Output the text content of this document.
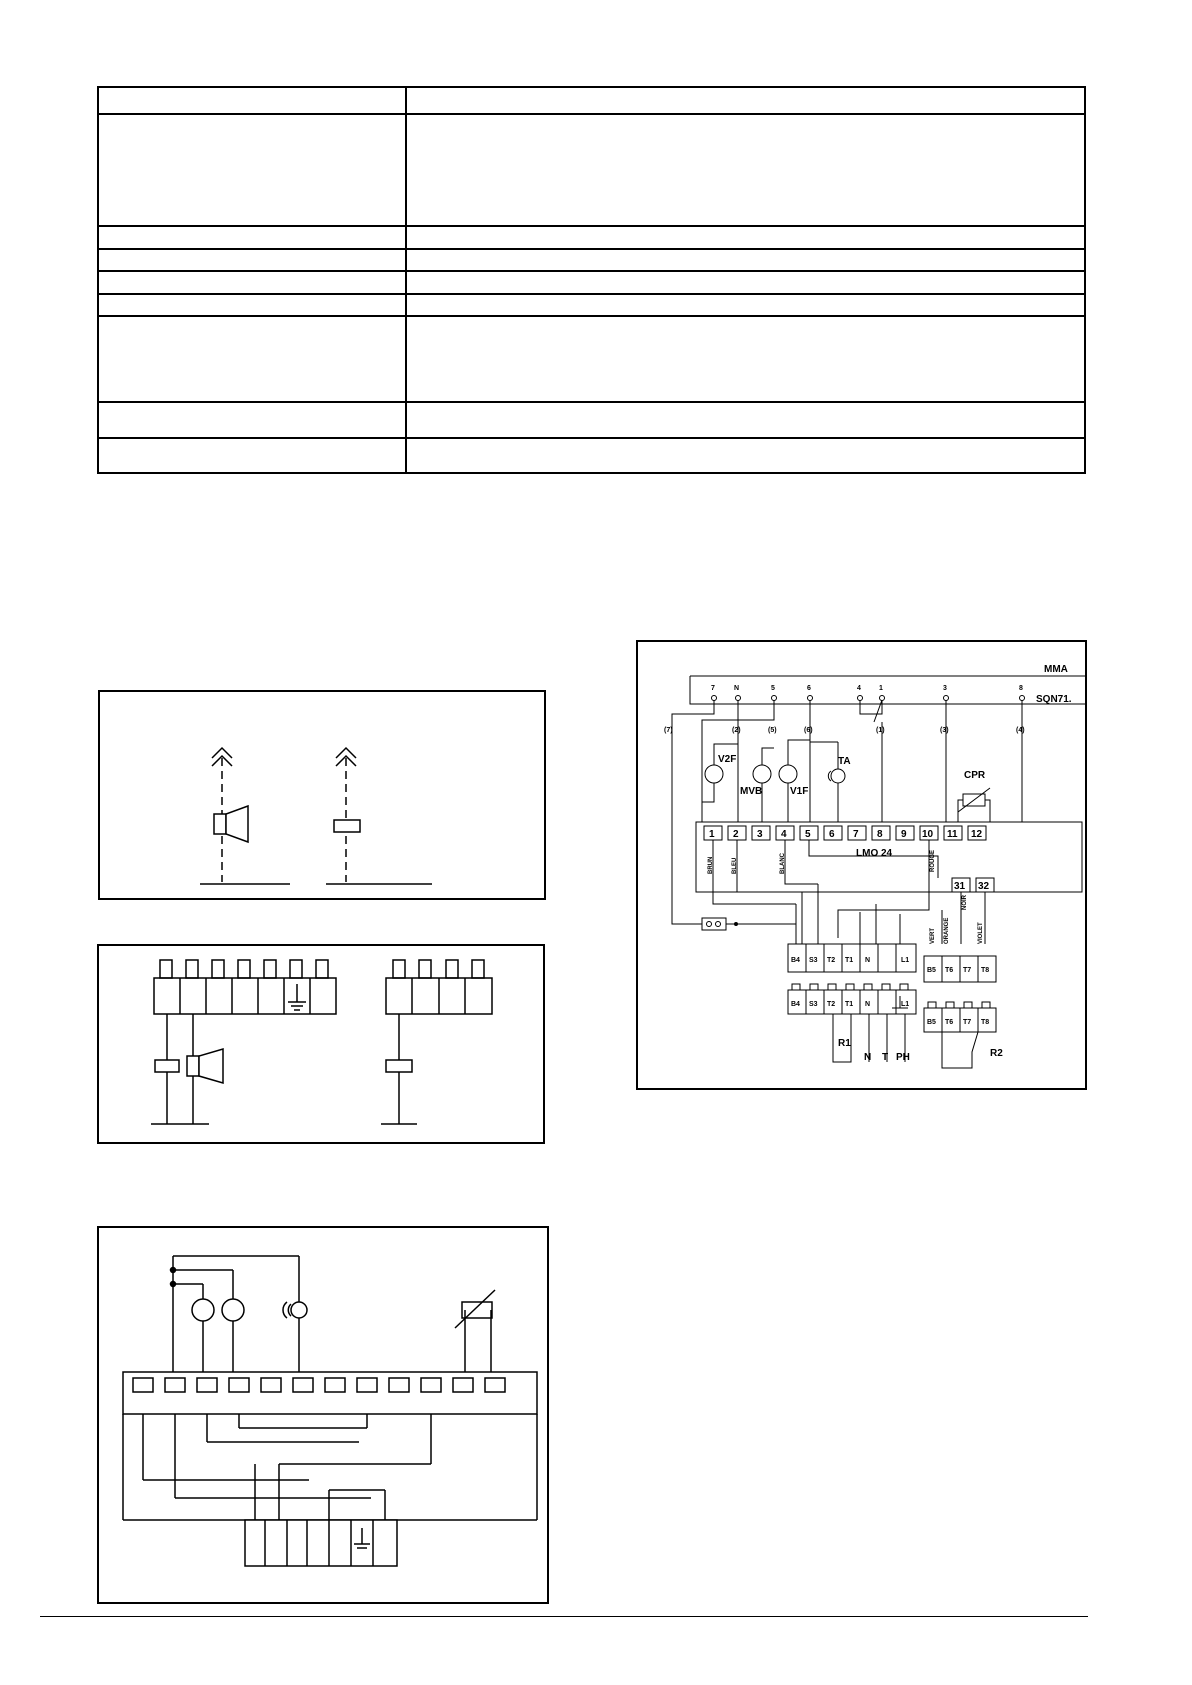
MMA
SQN71.
7	N	5	6	4	1	3	8
(7)	(2)	(5)	(6)	(1)	(3)	(4)
V2F
MVB	V1F
TA
CPR
LMO 24
1 2 3 4 5 6 7 8 9 10 11 12
31 32
BRUN	BLEU	BLANC	ROUGE
NOIR
VERT ORANGE	VIOLET
B4 S3 T2 T1 N	L1
B4 S3 T2 T1 N	L1
B5 T6 T7 T8
B5 T6 T7 T8
R1
R2
N T PH
